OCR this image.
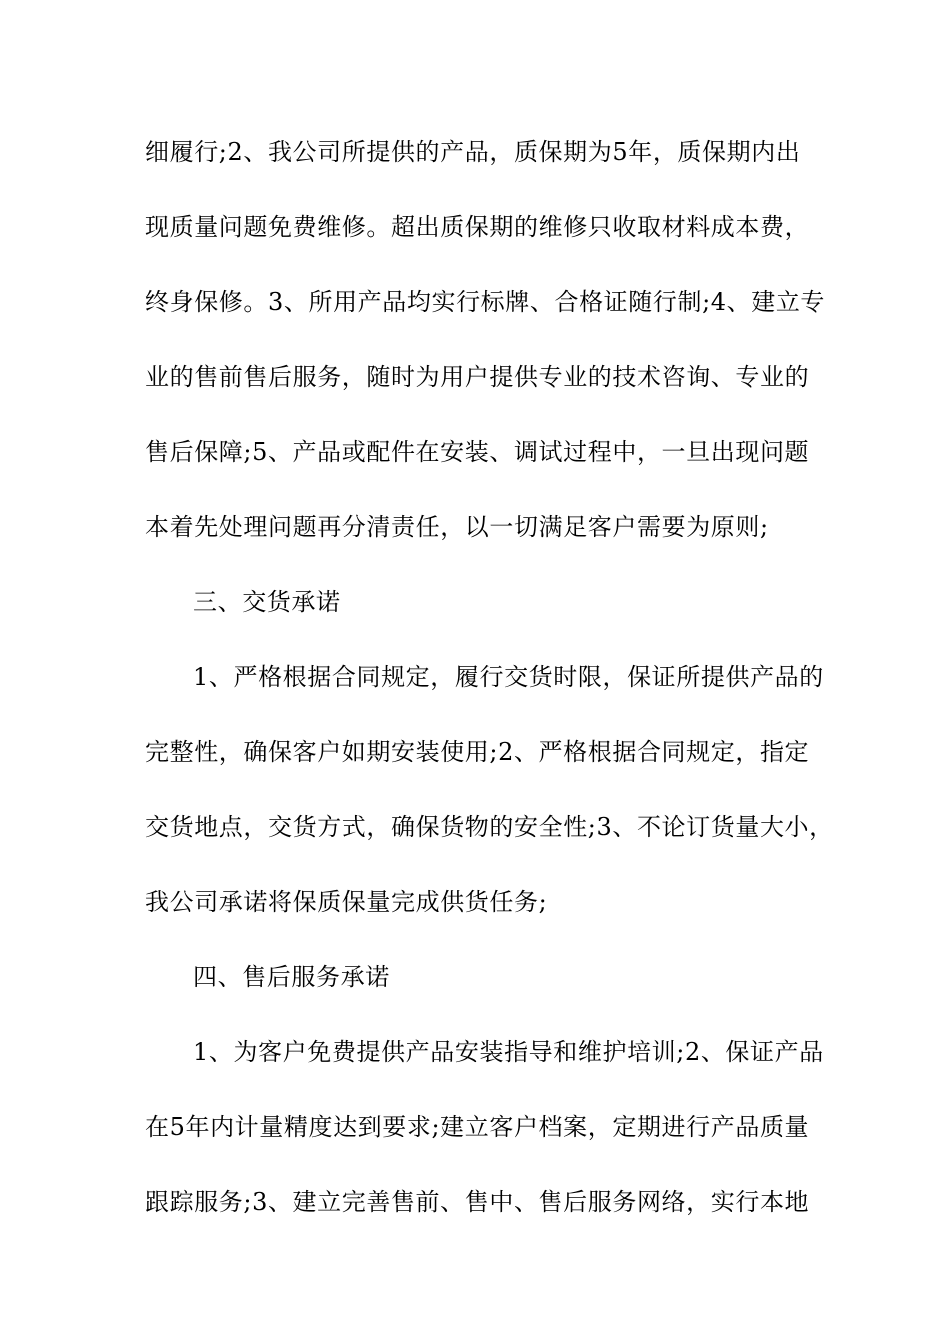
细履行;2、我公司所提供的产品，质保期为5年，质保期内出
现质量问题免费维修。超出质保期的维修只收取材料成本费，
终身保修。3、所用产品均实行标牌、合格证随行制;4、建立专
业的售前售后服务，随时为用户提供专业的技术咨询、专业的
售后保障;5、产品或配件在安装、调试过程中，一旦出现问题
本着先处理问题再分清责任，以一切满足客户需要为原则;
三、交货承诺
1、严格根据合同规定，履行交货时限，保证所提供产品的
完整性，确保客户如期安装使用;2、严格根据合同规定，指定
交货地点，交货方式，确保货物的安全性;3、不论订货量大小，
我公司承诺将保质保量完成供货任务;
四、售后服务承诺
1、为客户免费提供产品安装指导和维护培训;2、保证产品
在5年内计量精度达到要求;建立客户档案，定期进行产品质量
跟踪服务;3、建立完善售前、售中、售后服务网络，实行本地
